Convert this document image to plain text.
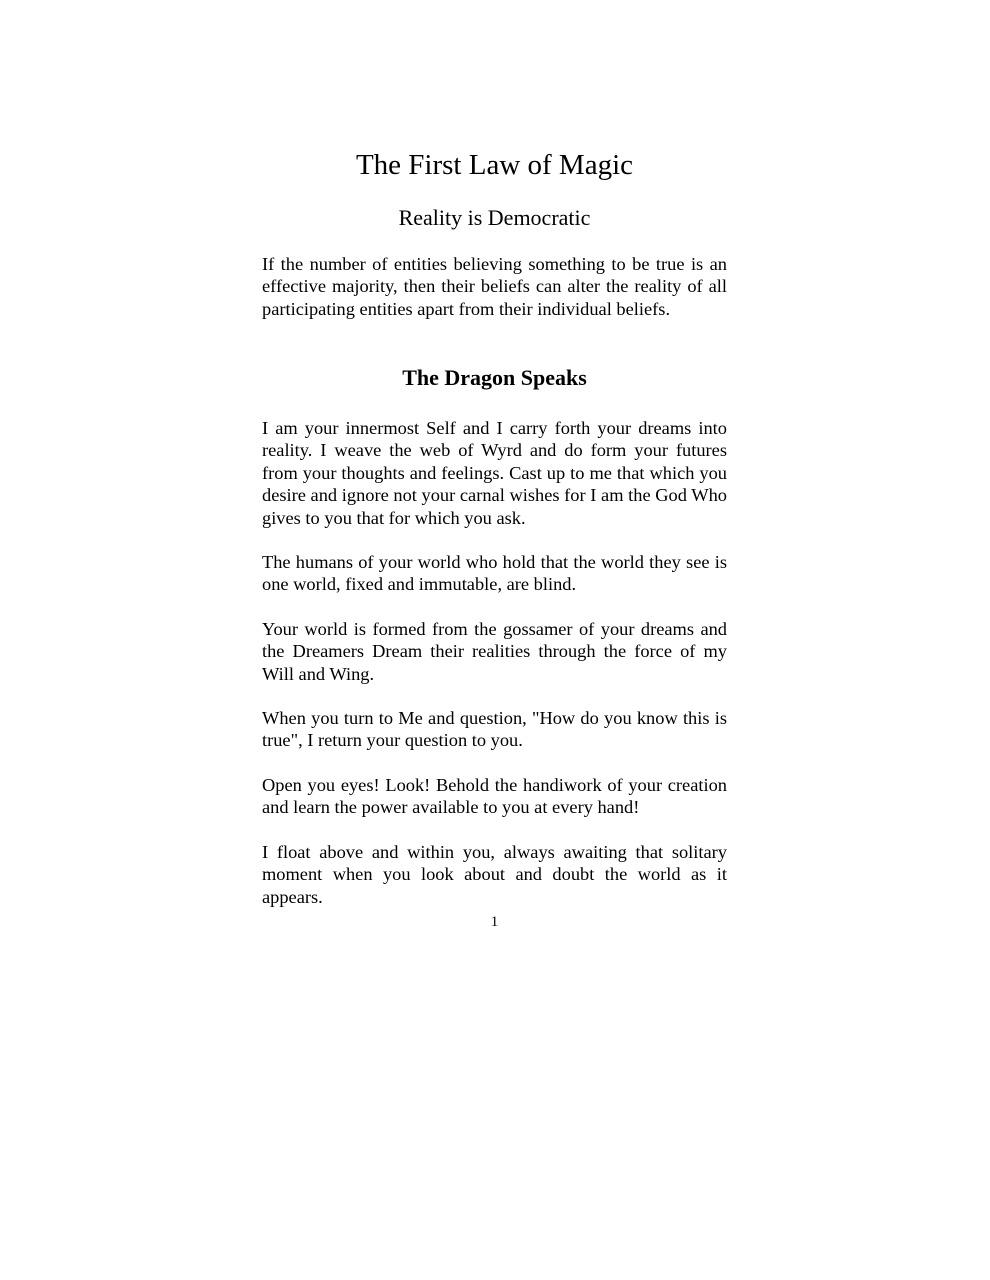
The First Law of Magic
Reality is Democratic

If the number of entities believing something to be true is an effective majority, then their beliefs can alter the reality of all participating entities apart from their individual beliefs.

The Dragon Speaks

I am your innermost Self and I carry forth your dreams into reality. I weave the web of Wyrd and do form your futures from your thoughts and feelings. Cast up to me that which you desire and ignore not your carnal wishes for I am the God Who gives to you that for which you ask.

The humans of your world who hold that the world they see is one world, fixed and immutable, are blind.

Your world is formed from the gossamer of your dreams and the Dreamers Dream their realities through the force of my Will and Wing.

When you turn to Me and question, "How do you know this is true", I return your question to you.

Open you eyes! Look! Behold the handiwork of your creation and learn the power available to you at every hand!

I float above and within you, always awaiting that solitary moment when you look about and doubt the world as it appears.

1
